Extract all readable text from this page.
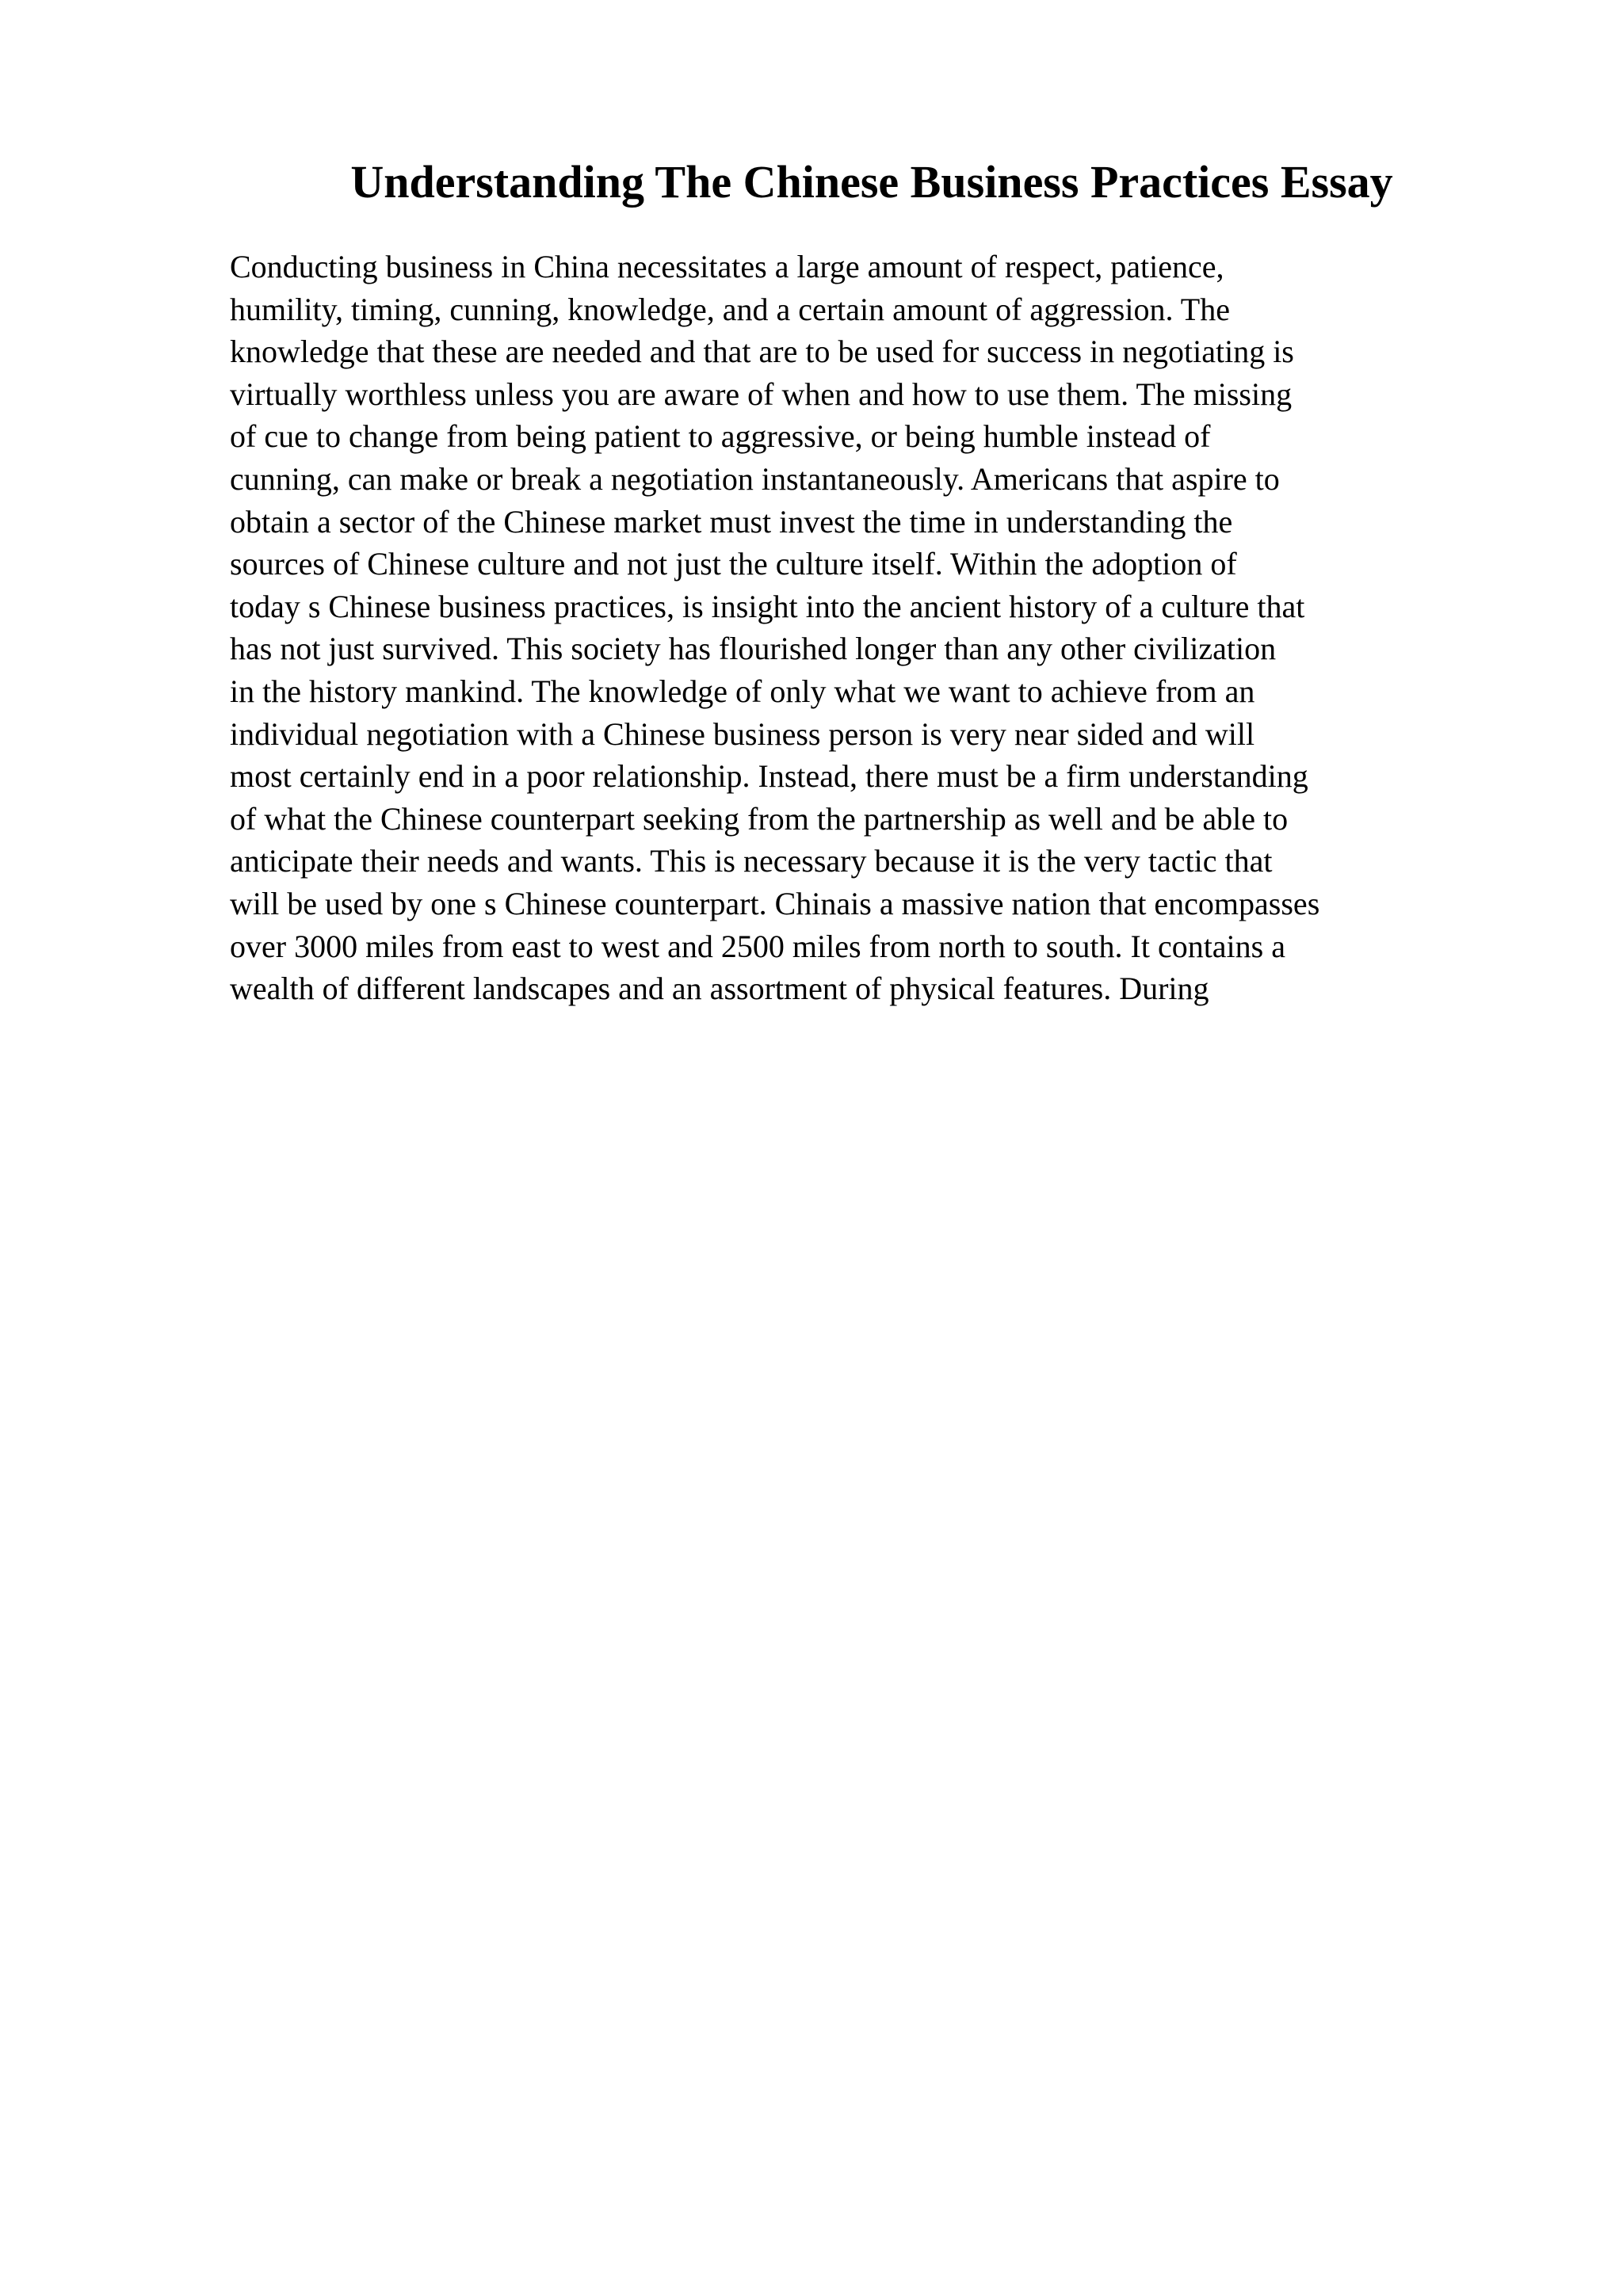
Understanding The Chinese Business Practices Essay
Conducting business in China necessitates a large amount of respect, patience,
humility, timing, cunning, knowledge, and a certain amount of aggression. The
knowledge that these are needed and that are to be used for success in negotiating is
virtually worthless unless you are aware of when and how to use them. The missing
of cue to change from being patient to aggressive, or being humble instead of
cunning, can make or break a negotiation instantaneously. Americans that aspire to
obtain a sector of the Chinese market must invest the time in understanding the
sources of Chinese culture and not just the culture itself. Within the adoption of
today s Chinese business practices, is insight into the ancient history of a culture that
has not just survived. This society has flourished longer than any other civilization
in the history mankind. The knowledge of only what we want to achieve from an
individual negotiation with a Chinese business person is very near sided and will
most certainly end in a poor relationship. Instead, there must be a firm understanding
of what the Chinese counterpart seeking from the partnership as well and be able to
anticipate their needs and wants. This is necessary because it is the very tactic that
will be used by one s Chinese counterpart. Chinais a massive nation that encompasses
over 3000 miles from east to west and 2500 miles from north to south. It contains a
wealth of different landscapes and an assortment of physical features. During
